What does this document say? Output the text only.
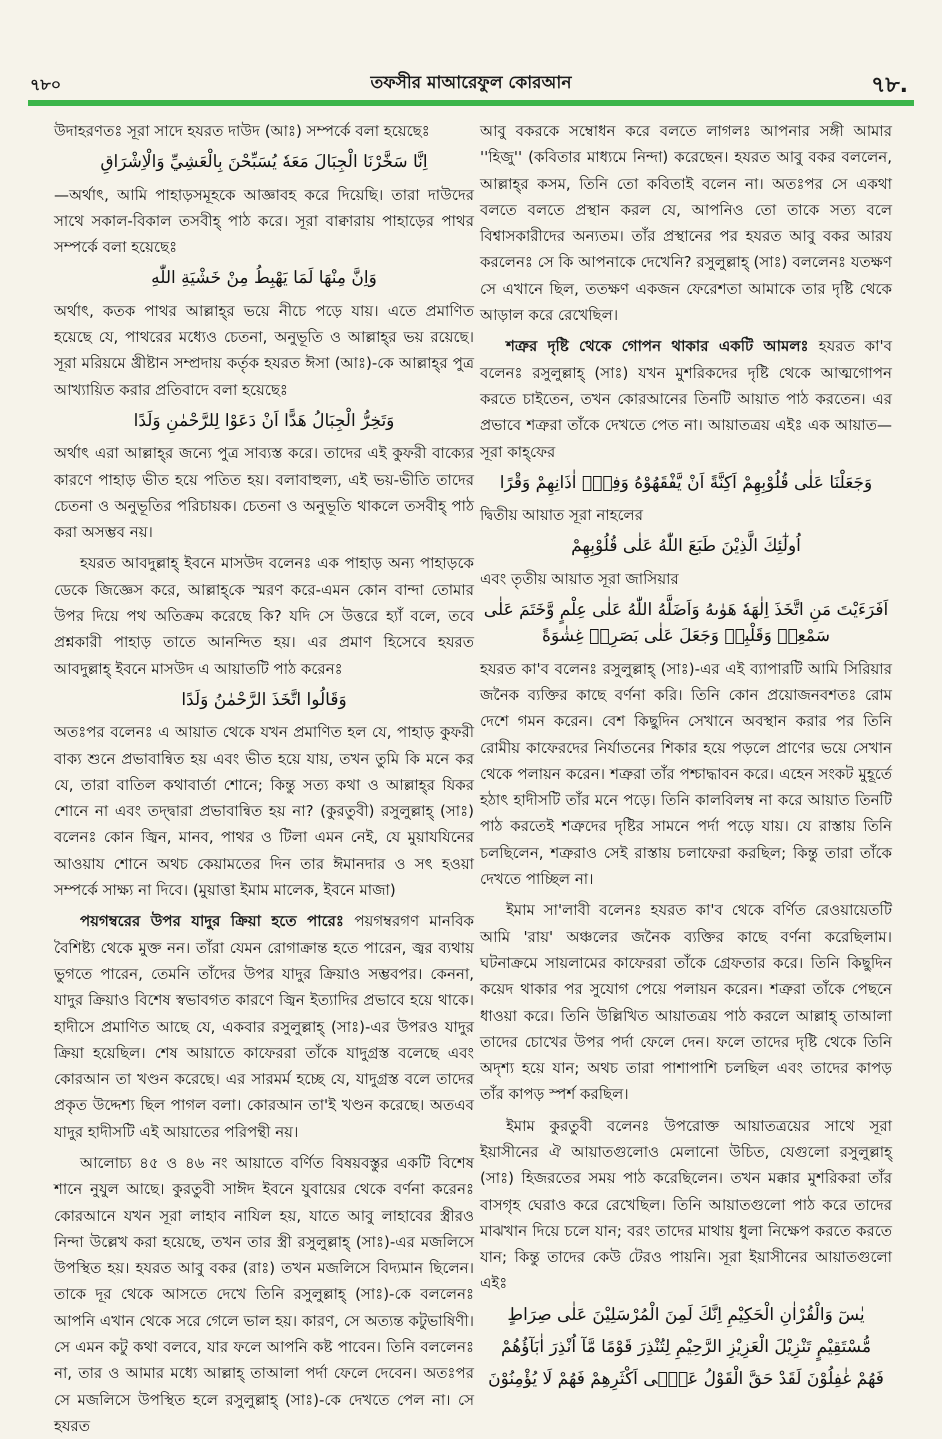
৭৮০	তফসীর মাআরেফুল কোরআন	৭৮.

উদাহরণতঃ সূরা সাদে হযরত দাউদ (আঃ) সম্পর্কে বলা হয়েছেঃ

اِنَّا سَخَّرْنَا الْجِبَالَ مَعَهٗ يُسَبِّحْنَ بِالْعَشِيِّ وَالْاِشْرَاقِ

—অর্থাৎ, আমি পাহাড়সমূহকে আজ্ঞাবহ করে দিয়েছি। তারা দাউদের সাথে সকাল-বিকাল তসবীহ্ পাঠ করে। সূরা বাক্বারায় পাহাড়ের পাথর সম্পর্কে বলা হয়েছেঃ

وَاِنَّ مِنْهَا لَمَا يَهْبِطُ مِنْ خَشْيَةِ اللّٰهِ

অর্থাৎ, কতক পাথর আল্লাহ্‌র ভয়ে নীচে পড়ে যায়। এতে প্রমাণিত হয়েছে যে, পাথরের মধ্যেও চেতনা, অনুভূতি ও আল্লাহ্‌র ভয় রয়েছে। সূরা মরিয়মে খ্রীষ্টান সম্প্রদায় কর্তৃক হযরত ঈসা (আঃ)-কে আল্লাহ্‌র পুত্র আখ্যায়িত করার প্রতিবাদে বলা হয়েছেঃ

وَتَخِرُّ الْجِبَالُ هَدًّا اَنْ دَعَوْا لِلرَّحْمٰنِ وَلَدًا

অর্থাৎ এরা আল্লাহ্‌র জন্যে পুত্র সাব্যস্ত করে। তাদের এই কুফরী বাক্যের কারণে পাহাড় ভীত হয়ে পতিত হয়। বলাবাহুল্য, এই ভয়-ভীতি তাদের চেতনা ও অনুভূতির পরিচায়ক। চেতনা ও অনুভূতি থাকলে তসবীহ্ পাঠ করা অসম্ভব নয়।

হযরত আবদুল্লাহ্ ইবনে মাসউদ বলেনঃ এক পাহাড় অন্য পাহাড়কে ডেকে জিজ্ঞেস করে, আল্লাহ্‌কে স্মরণ করে-এমন কোন বান্দা তোমার উপর দিয়ে পথ অতিক্রম করেছে কি? যদি সে উত্তরে হ্যাঁ বলে, তবে প্রশ্নকারী পাহাড় তাতে আনন্দিত হয়। এর প্রমাণ হিসেবে হযরত আবদুল্লাহ্ ইবনে মাসউদ এ আয়াতটি পাঠ করেনঃ

وَقَالُوا اتَّخَذَ الرَّحْمٰنُ وَلَدًا

অতঃপর বলেনঃ এ আয়াত থেকে যখন প্রমাণিত হল যে, পাহাড় কুফরী বাক্য শুনে প্রভাবান্বিত হয় এবং ভীত হয়ে যায়, তখন তুমি কি মনে কর যে, তারা বাতিল কথাবার্তা শোনে; কিন্তু সত্য কথা ও আল্লাহ্‌র যিকর শোনে না এবং তদ্দ্বারা প্রভাবান্বিত হয় না? (কুরতুবী) রসুলুল্লাহ্ (সাঃ) বলেনঃ কোন জ্বিন, মানব, পাথর ও টিলা এমন নেই, যে মুয়াযযিনের আওয়ায শোনে অথচ কেয়ামতের দিন তার ঈমানদার ও সৎ হওয়া সম্পর্কে সাক্ষ্য না দিবে। (মুয়াত্তা ইমাম মালেক, ইবনে মাজা)

পয়গম্বরের উপর যাদুর ক্রিয়া হতে পারেঃ পয়গম্বরগণ মানবিক বৈশিষ্ট্য থেকে মুক্ত নন। তাঁরা যেমন রোগাক্রান্ত হতে পারেন, জ্বর ব্যথায় ভুগতে পারেন, তেমনি তাঁদের উপর যাদুর ক্রিয়াও সম্ভবপর। কেননা, যাদুর ক্রিয়াও বিশেষ স্বভাবগত কারণে জ্বিন ইত্যাদির প্রভাবে হয়ে থাকে। হাদীসে প্রমাণিত আছে যে, একবার রসুলুল্লাহ্ (সাঃ)-এর উপরও যাদুর ক্রিয়া হয়েছিল। শেষ আয়াতে কাফেররা তাঁকে যাদুগ্রস্ত বলেছে এবং কোরআন তা খণ্ডন করেছে। এর সারমর্ম হচ্ছে যে, যাদুগ্রস্ত বলে তাদের প্রকৃত উদ্দেশ্য ছিল পাগল বলা। কোরআন তা'ই খণ্ডন করেছে। অতএব যাদুর হাদীসটি এই আয়াতের পরিপন্থী নয়।

আলোচ্য ৪৫ ও ৪৬ নং আয়াতে বর্ণিত বিষয়বস্তুর একটি বিশেষ শানে নুযুল আছে। কুরতুবী সাঈদ ইবনে যুবায়ের থেকে বর্ণনা করেনঃ কোরআনে যখন সূরা লাহাব নাযিল হয়, যাতে আবু লাহাবের স্ত্রীরও নিন্দা উল্লেখ করা হয়েছে, তখন তার স্ত্রী রসুলুল্লাহ্ (সাঃ)-এর মজলিসে উপস্থিত হয়। হযরত আবু বকর (রাঃ) তখন মজলিসে বিদ্যমান ছিলেন। তাকে দূর থেকে আসতে দেখে তিনি রসুলুল্লাহ্ (সাঃ)-কে বললেনঃ আপনি এখান থেকে সরে গেলে ভাল হয়। কারণ, সে অত্যন্ত কটুভাষিণী। সে এমন কটু কথা বলবে, যার ফলে আপনি কষ্ট পাবেন। তিনি বললেনঃ না, তার ও আমার মধ্যে আল্লাহ্ তাআলা পর্দা ফেলে দেবেন। অতঃপর সে মজলিসে উপস্থিত হলে রসুলুল্লাহ্ (সাঃ)-কে দেখতে পেল না। সে হযরত

আবু বকরকে সম্বোধন করে বলতে লাগলঃ আপনার সঙ্গী আমার ''হিজু'' (কবিতার মাধ্যমে নিন্দা) করেছেন। হযরত আবু বকর বললেন, আল্লাহ্‌র কসম, তিনি তো কবিতাই বলেন না। অতঃপর সে একথা বলতে বলতে প্রস্থান করল যে, আপনিও তো তাকে সত্য বলে বিশ্বাসকারীদের অন্যতম। তাঁর প্রস্থানের পর হযরত আবু বকর আরয করলেনঃ সে কি আপনাকে দেখেনি? রসুলুল্লাহ্ (সাঃ) বললেনঃ যতক্ষণ সে এখানে ছিল, ততক্ষণ একজন ফেরেশতা আমাকে তার দৃষ্টি থেকে আড়াল করে রেখেছিল।

শত্রুর দৃষ্টি থেকে গোপন থাকার একটি আমলঃ হযরত কা'ব বলেনঃ রসুলুল্লাহ্ (সাঃ) যখন মুশরিকদের দৃষ্টি থেকে আত্মগোপন করতে চাইতেন, তখন কোরআনের তিনটি আয়াত পাঠ করতেন। এর প্রভাবে শত্রুরা তাঁকে দেখতে পেত না। আয়াতত্রয় এইঃ এক আয়াত—সূরা কাহ্‌ফের

وَجَعَلْنَا عَلٰى قُلُوْبِهِمْ اَكِنَّةً اَنْ يَّفْقَهُوْهُ وَفِيْۤ اٰذَانِهِمْ وَقْرًا

দ্বিতীয় আয়াত সূরা নাহলের

اُولٰٓئِكَ الَّذِيْنَ طَبَعَ اللّٰهُ عَلٰى قُلُوْبِهِمْ

এবং তৃতীয় আয়াত সূরা জাসিয়ার

اَفَرَءَيْتَ مَنِ اتَّخَذَ اِلٰهَهٗ هَوٰىهُ وَاَضَلَّهُ اللّٰهُ عَلٰى عِلْمٍ وَّخَتَمَ عَلٰى سَمْعِهٖ وَقَلْبِهٖ وَجَعَلَ عَلٰى بَصَرِهٖ غِشٰوَةً

হযরত কা'ব বলেনঃ রসুলুল্লাহ্ (সাঃ)-এর এই ব্যাপারটি আমি সিরিয়ার জনৈক ব্যক্তির কাছে বর্ণনা করি। তিনি কোন প্রয়োজনবশতঃ রোম দেশে গমন করেন। বেশ কিছুদিন সেখানে অবস্থান করার পর তিনি রোমীয় কাফেরদের নির্যাতনের শিকার হয়ে পড়লে প্রাণের ভয়ে সেখান থেকে পলায়ন করেন। শত্রুরা তাঁর পশ্চাদ্ধাবন করে। এহেন সংকট মুহূর্তে হঠাৎ হাদীসটি তাঁর মনে পড়ে। তিনি কালবিলম্ব না করে আয়াত তিনটি পাঠ করতেই শত্রুদের দৃষ্টির সামনে পর্দা পড়ে যায়। যে রাস্তায় তিনি চলছিলেন, শত্রুরাও সেই রাস্তায় চলাফেরা করছিল; কিন্তু তারা তাঁকে দেখতে পাচ্ছিল না।

ইমাম সা'লাবী বলেনঃ হযরত কা'ব থেকে বর্ণিত রেওয়ায়েতটি আমি 'রায়' অঞ্চলের জনৈক ব্যক্তির কাছে বর্ণনা করেছিলাম। ঘটনাক্রমে সায়লামের কাফেররা তাঁকে গ্রেফতার করে। তিনি কিছুদিন কয়েদ থাকার পর সুযোগ পেয়ে পলায়ন করেন। শত্রুরা তাঁকে পেছনে ধাওয়া করে। তিনি উল্লিখিত আয়াতত্রয় পাঠ করলে আল্লাহ্ তাআলা তাদের চোখের উপর পর্দা ফেলে দেন। ফলে তাদের দৃষ্টি থেকে তিনি অদৃশ্য হয়ে যান; অথচ তারা পাশাপাশি চলছিল এবং তাদের কাপড় তাঁর কাপড় স্পর্শ করছিল।

ইমাম কুরতুবী বলেনঃ উপরোক্ত আয়াতত্রয়ের সাথে সূরা ইয়াসীনের ঐ আয়াতগুলোও মেলানো উচিত, যেগুলো রসুলুল্লাহ্ (সাঃ) হিজরতের সময় পাঠ করেছিলেন। তখন মক্কার মুশরিকরা তাঁর বাসগৃহ ঘেরাও করে রেখেছিল। তিনি আয়াতগুলো পাঠ করে তাদের মাঝখান দিয়ে চলে যান; বরং তাদের মাথায় ধুলা নিক্ষেপ করতে করতে যান; কিন্তু তাদের কেউ টেরও পায়নি। সূরা ইয়াসীনের আয়াতগুলো এইঃ

يٰسٓ وَالْقُرْاٰنِ الْحَكِيْمِ اِنَّكَ لَمِنَ الْمُرْسَلِيْنَ عَلٰى صِرَاطٍ
مُّسْتَقِيْمٍ تَنْزِيْلَ الْعَزِيْزِ الرَّحِيْمِ لِتُنْذِرَ قَوْمًا مَّآ اُنْذِرَ اٰبَآؤُهُمْ
فَهُمْ غٰفِلُوْنَ لَقَدْ حَقَّ الْقَوْلُ عَلٰۤى اَكْثَرِهِمْ فَهُمْ لَا يُؤْمِنُوْنَ
